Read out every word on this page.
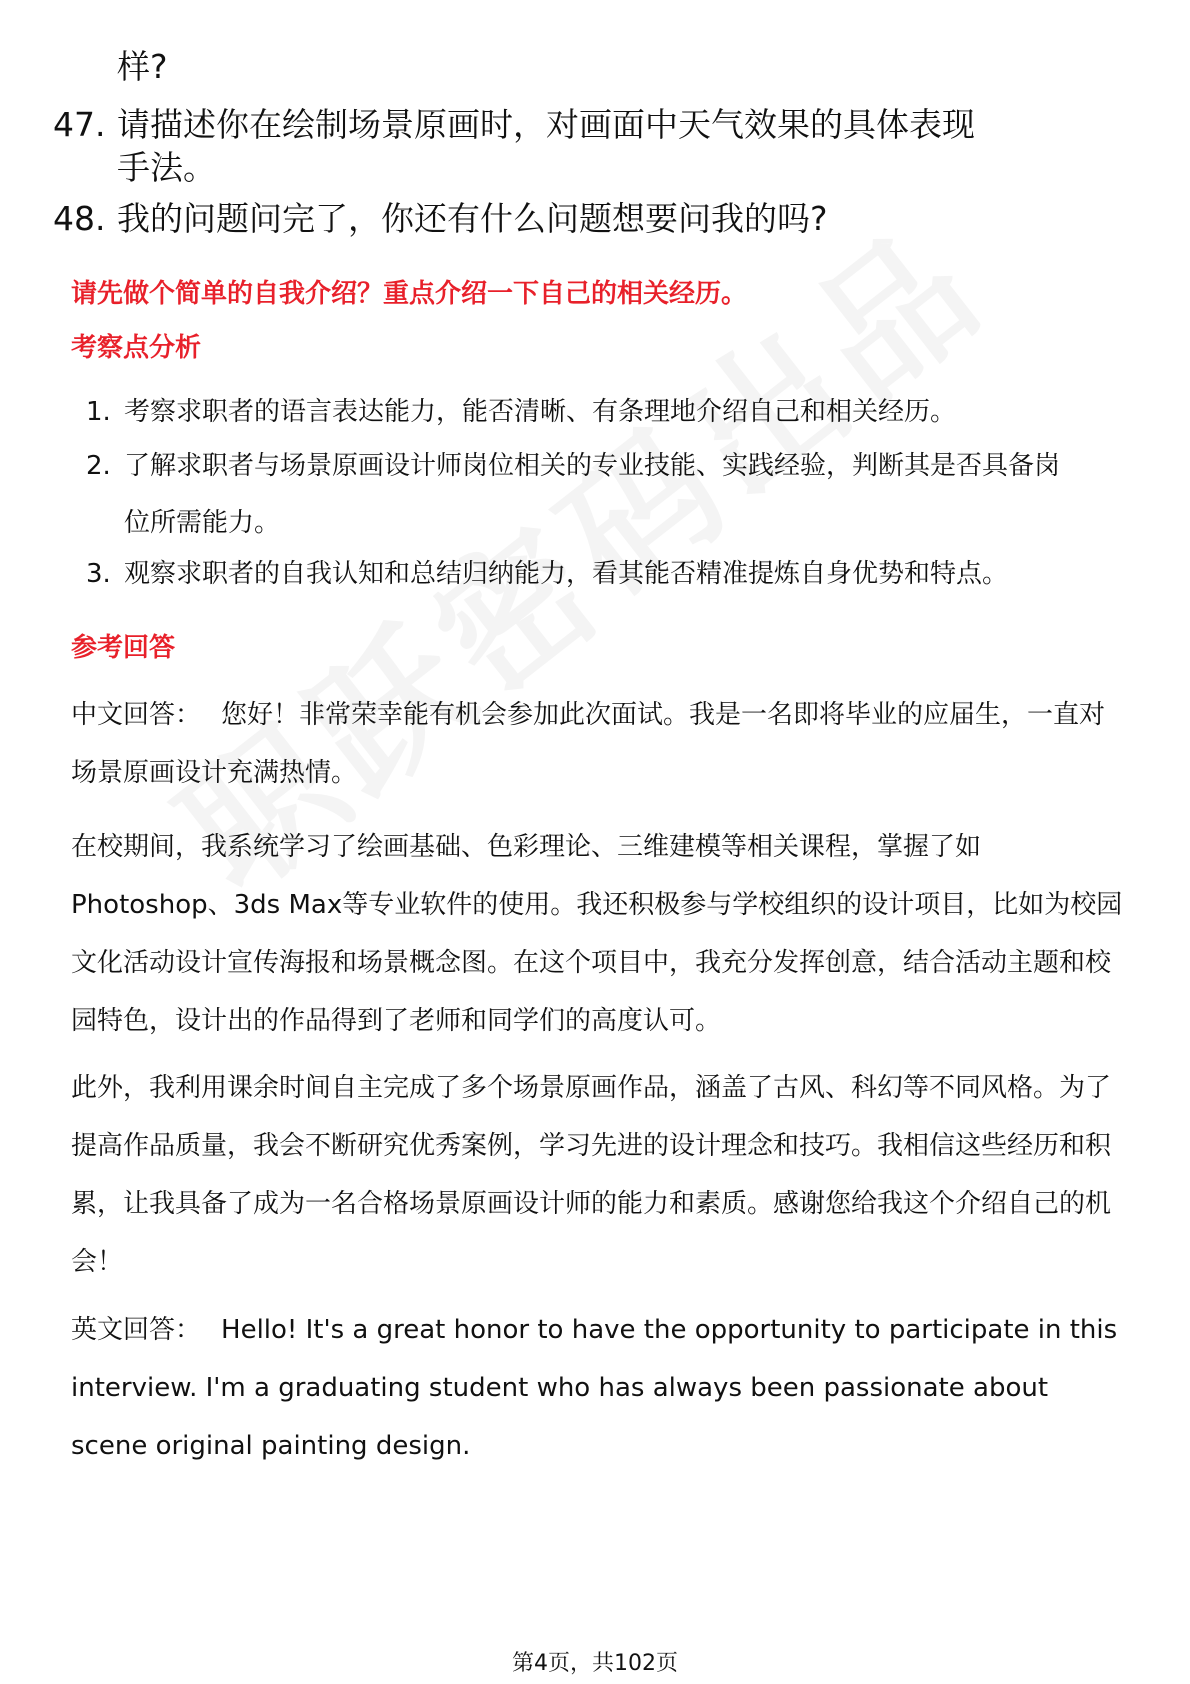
样?
47. 请描述你在绘制场景原画时，对画面中天气效果的具体表现手法。
48. 我的问题问完了，你还有什么问题想要问我的吗?
请先做个简单的自我介绍？重点介绍一下自己的相关经历。
考察点分析
1. 考察求职者的语言表达能力，能否清晰、有条理地介绍自己和相关经历。
2. 了解求职者与场景原画设计师岗位相关的专业技能、实践经验，判断其是否具备岗位所需能力。
3. 观察求职者的自我认知和总结归纳能力，看其能否精准提炼自身优势和特点。
参考回答
中文回答： 您好！非常荣幸能有机会参加此次面试。我是一名即将毕业的应届生，一直对场景原画设计充满热情。
在校期间，我系统学习了绘画基础、色彩理论、三维建模等相关课程，掌握了如Photoshop、3ds Max等专业软件的使用。我还积极参与学校组织的设计项目，比如为校园文化活动设计宣传海报和场景概念图。在这个项目中，我充分发挥创意，结合活动主题和校园特色，设计出的作品得到了老师和同学们的高度认可。
此外，我利用课余时间自主完成了多个场景原画作品，涵盖了古风、科幻等不同风格。为了提高作品质量，我会不断研究优秀案例，学习先进的设计理念和技巧。我相信这些经历和积累，让我具备了成为一名合格场景原画设计师的能力和素质。感谢您给我这个介绍自己的机会！
英文回答： Hello! It's a great honor to have the opportunity to participate in this interview. I'm a graduating student who has always been passionate about scene original painting design.
第4页，共102页
